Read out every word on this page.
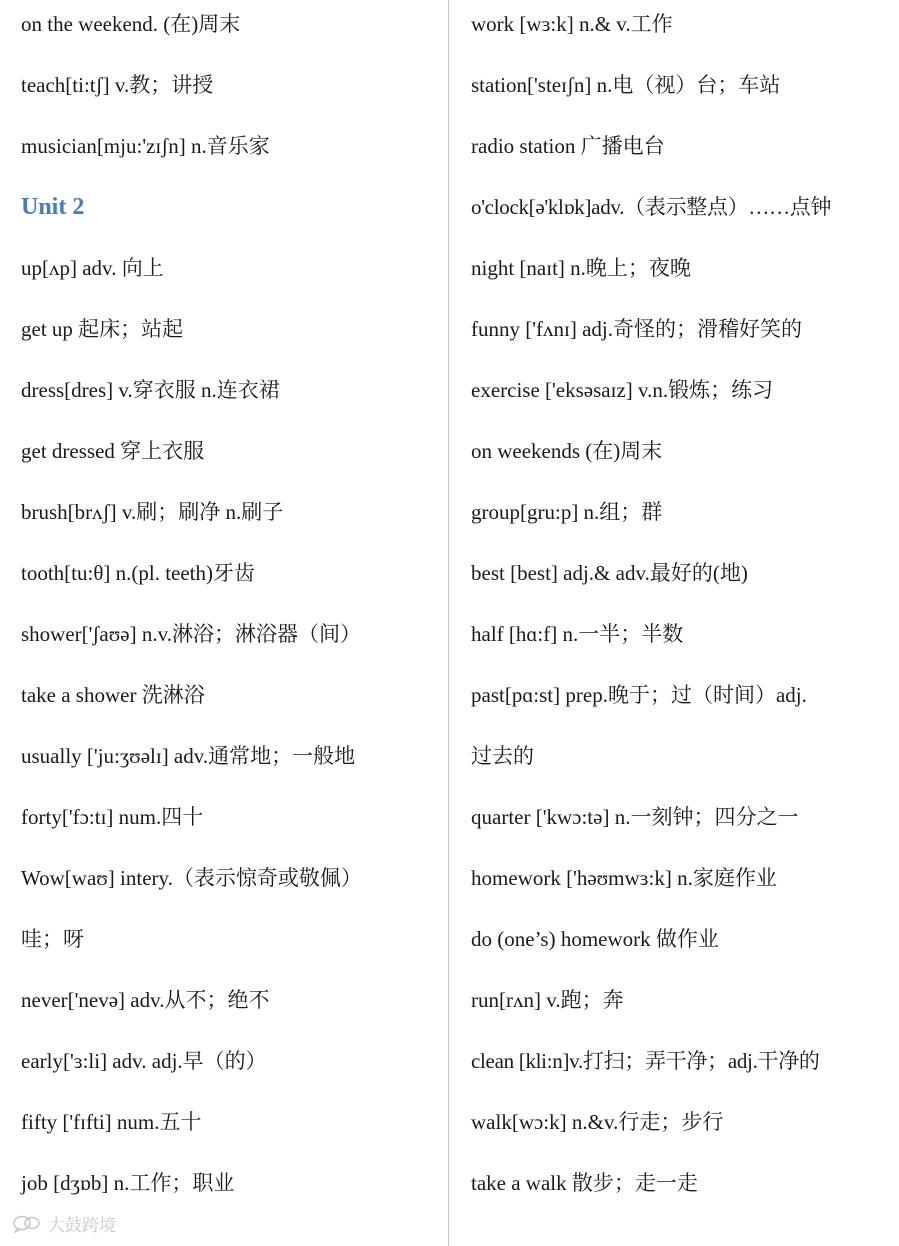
on the weekend. (在)周末
teach[ti:tʃ] v.教；讲授
musician[mju:'zɪʃn] n.音乐家
Unit 2
up[ʌp] adv. 向上
get up 起床；站起
dress[dres] v.穿衣服 n.连衣裙
get dressed 穿上衣服
brush[brʌʃ] v.刷；刷净 n.刷子
tooth[tu:θ] n.(pl. teeth)牙齿
shower['ʃaʊə] n.v.淋浴；淋浴器（间）
take a shower 洗淋浴
usually ['ju:ʒʊəlɪ] adv.通常地；一般地
forty['fɔ:tɪ] num.四十
Wow[waʊ] intery.（表示惊奇或敬佩）
哇；呀
never['nevə] adv.从不；绝不
early['ɜ:li] adv. adj.早（的）
fifty ['fɪfti] num.五十
job [dʒɒb] n.工作；职业
work [wɜ:k] n.& v.工作
station['steɪʃn] n.电（视）台；车站
radio station 广播电台
o'clock[ə'klɒk]adv.（表示整点）……点钟
night [naɪt] n.晚上；夜晚
funny ['fʌnɪ] adj.奇怪的；滑稽好笑的
exercise ['eksəsaɪz] v.n.锻炼；练习
on weekends (在)周末
group[gru:p] n.组；群
best [best] adj.& adv.最好的(地)
half [hɑ:f] n.一半；半数
past[pɑ:st] prep.晚于；过（时间）adj.
过去的
quarter ['kwɔ:tə] n.一刻钟；四分之一
homework ['həʊmwɜ:k] n.家庭作业
do (one’s) homework 做作业
run[rʌn] v.跑；奔
clean [kli:n]v.打扫；弄干净；adj.干净的
walk[wɔ:k] n.&v.行走；步行
take a walk 散步；走一走
大鼓跨境
